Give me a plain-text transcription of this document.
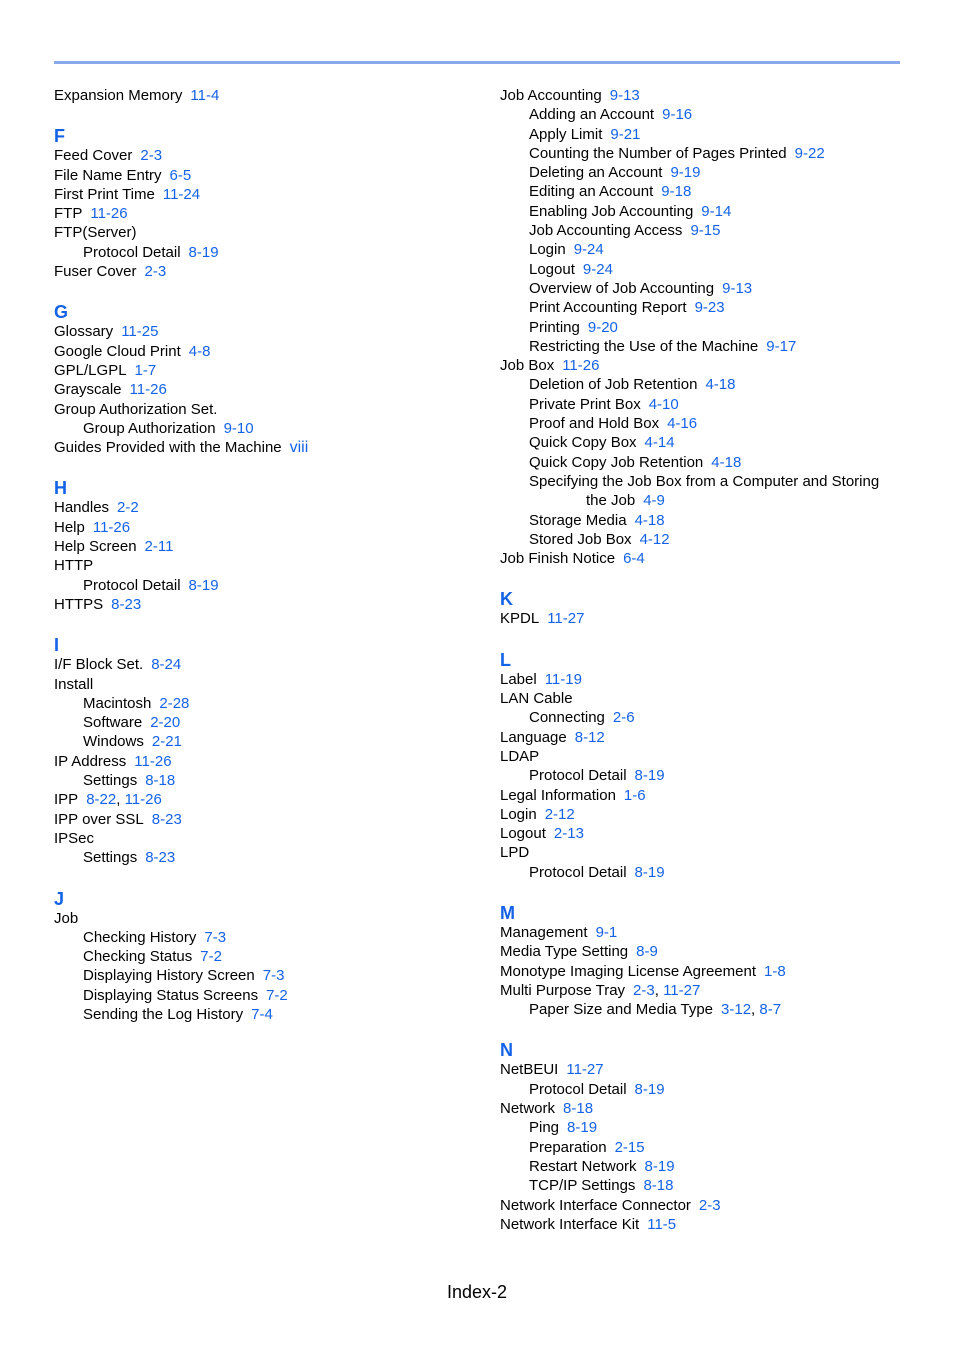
Expansion Memory 11-4
F
Feed Cover 2-3
File Name Entry 6-5
First Print Time 11-24
FTP 11-26
FTP(Server)
Protocol Detail 8-19
Fuser Cover 2-3
G
Glossary 11-25
Google Cloud Print 4-8
GPL/LGPL 1-7
Grayscale 11-26
Group Authorization Set.
Group Authorization 9-10
Guides Provided with the Machine viii
H
Handles 2-2
Help 11-26
Help Screen 2-11
HTTP
Protocol Detail 8-19
HTTPS 8-23
I
I/F Block Set. 8-24
Install
Macintosh 2-28
Software 2-20
Windows 2-21
IP Address 11-26
Settings 8-18
IPP 8-22, 11-26
IPP over SSL 8-23
IPSec
Settings 8-23
J
Job
Checking History 7-3
Checking Status 7-2
Displaying History Screen 7-3
Displaying Status Screens 7-2
Sending the Log History 7-4
Job Accounting 9-13
Adding an Account 9-16
Apply Limit 9-21
Counting the Number of Pages Printed 9-22
Deleting an Account 9-19
Editing an Account 9-18
Enabling Job Accounting 9-14
Job Accounting Access 9-15
Login 9-24
Logout 9-24
Overview of Job Accounting 9-13
Print Accounting Report 9-23
Printing 9-20
Restricting the Use of the Machine 9-17
Job Box 11-26
Deletion of Job Retention 4-18
Private Print Box 4-10
Proof and Hold Box 4-16
Quick Copy Box 4-14
Quick Copy Job Retention 4-18
Specifying the Job Box from a Computer and Storing
the Job 4-9
Storage Media 4-18
Stored Job Box 4-12
Job Finish Notice 6-4
K
KPDL 11-27
L
Label 11-19
LAN Cable
Connecting 2-6
Language 8-12
LDAP
Protocol Detail 8-19
Legal Information 1-6
Login 2-12
Logout 2-13
LPD
Protocol Detail 8-19
M
Management 9-1
Media Type Setting 8-9
Monotype Imaging License Agreement 1-8
Multi Purpose Tray 2-3, 11-27
Paper Size and Media Type 3-12, 8-7
N
NetBEUI 11-27
Protocol Detail 8-19
Network 8-18
Ping 8-19
Preparation 2-15
Restart Network 8-19
TCP/IP Settings 8-18
Network Interface Connector 2-3
Network Interface Kit 11-5
Index-2
